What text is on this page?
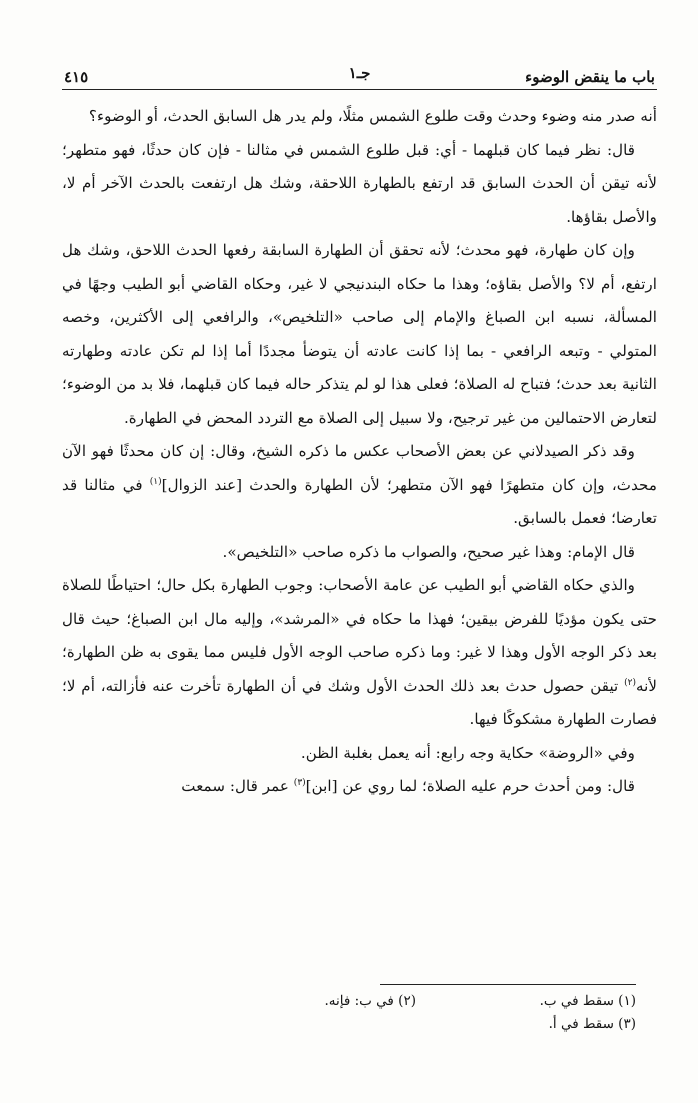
باب ما ينقض الوضوء
جـ١
٤١٥

أنه صدر منه وضوء وحدث وقت طلوع الشمس مثلًا، ولم يدر هل السابق الحدث، أو الوضوء؟

قال: نظر فيما كان قبلهما - أي: قبل طلوع الشمس في مثالنا - فإن كان حدثًا، فهو متطهر؛ لأنه تيقن أن الحدث السابق قد ارتفع بالطهارة اللاحقة، وشك هل ارتفعت بالحدث الآخر أم لا، والأصل بقاؤها.

وإن كان طهارة، فهو محدث؛ لأنه تحقق أن الطهارة السابقة رفعها الحدث اللاحق، وشك هل ارتفع، أم لا؟ والأصل بقاؤه؛ وهذا ما حكاه البندنيجي لا غير، وحكاه القاضي أبو الطيب وجهًا في المسألة، نسبه ابن الصباغ والإمام إلى صاحب «التلخيص»، والرافعي إلى الأكثرين، وخصه المتولي - وتبعه الرافعي - بما إذا كانت عادته أن يتوضأ مجددًا أما إذا لم تكن عادته وطهارته الثانية بعد حدث؛ فتباح له الصلاة؛ فعلى هذا لو لم يتذكر حاله فيما كان قبلهما، فلا بد من الوضوء؛ لتعارض الاحتمالين من غير ترجيح، ولا سبيل إلى الصلاة مع التردد المحض في الطهارة.

وقد ذكر الصيدلاني عن بعض الأصحاب عكس ما ذكره الشيخ، وقال: إن كان محدثًا فهو الآن محدث، وإن كان متطهرًا فهو الآن متطهر؛ لأن الطهارة والحدث [عند الزوال]$^{(١)}$ في مثالنا قد تعارضا؛ فعمل بالسابق.

قال الإمام: وهذا غير صحيح، والصواب ما ذكره صاحب «التلخيص».

والذي حكاه القاضي أبو الطيب عن عامة الأصحاب: وجوب الطهارة بكل حال؛ احتياطًا للصلاة حتى يكون مؤديًا للفرض بيقين؛ فهذا ما حكاه في «المرشد»، وإليه مال ابن الصباغ؛ حيث قال بعد ذكر الوجه الأول وهذا لا غير: وما ذكره صاحب الوجه الأول فليس مما يقوى به ظن الطهارة؛ لأنه$^{(٢)}$ تيقن حصول حدث بعد ذلك الحدث الأول وشك في أن الطهارة تأخرت عنه فأزالته، أم لا؛ فصارت الطهارة مشكوكًا فيها.

وفي «الروضة» حكاية وجه رابع: أنه يعمل بغلبة الظن.

قال: ومن أحدث حرم عليه الصلاة؛ لما روي عن [ابن]$^{(٣)}$ عمر قال: سمعت

(١) سقط في ب.
(٢) في ب: فإنه.
(٣) سقط في أ.
